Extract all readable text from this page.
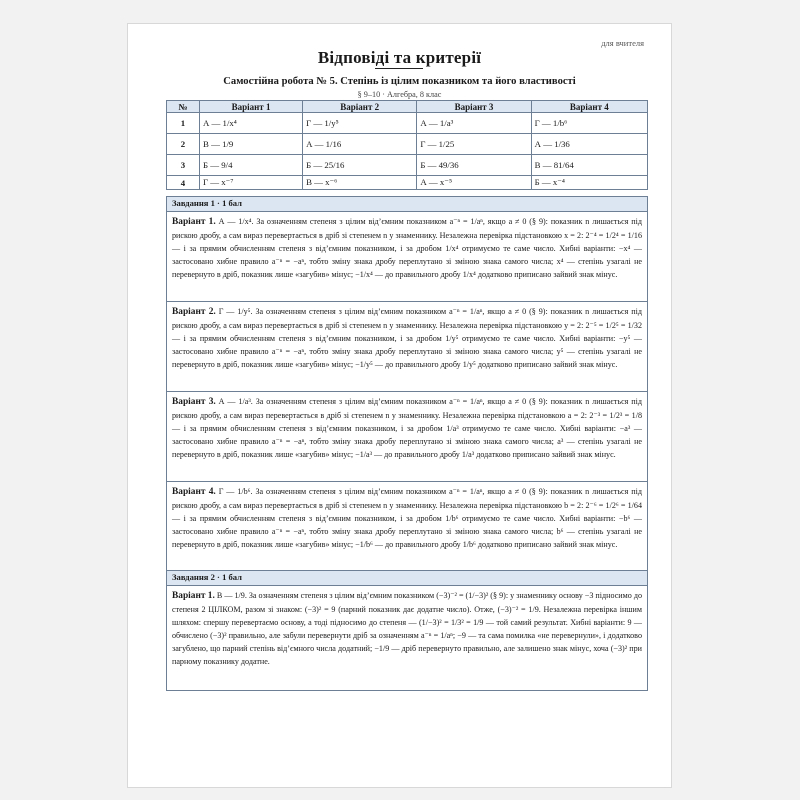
для вчителя
Відповіді та критерії
Самостійна робота № 5. Степінь із цілим показником та його властивості
§ 9–10 · Алгебра, 8 клас
№	Варіант 1	Варіант 2	Варіант 3	Варіант 4
1	А — 1/x⁴	Г — 1/y⁵	А — 1/a³	Г — 1/b⁶
2	В — 1/9	А — 1/16	Г — 1/25	А — 1/36
3	Б — 9/4	Б — 25/16	Б — 49/36	В — 81/64
4	Г — x⁻⁷	В — x⁻⁶	А — x⁻⁵	Б — x⁻⁴
Завдання 1 · 1 бал
Варіант 1. А — 1/x⁴. За означенням степеня з цілим від’ємним показником a⁻ⁿ = 1/aⁿ, якщо a ≠ 0 (§ 9): показник n лишається під рискою дробу, а сам вираз перевертається в дріб зі степенем n у знаменнику. Незалежна перевірка підстановкою x = 2: 2⁻⁴ = 1/2⁴ = 1/16 — і за прямим обчисленням степеня з від’ємним показником, і за дробом 1/x⁴ отримуємо те саме число. Хибні варіанти: −x⁴ — застосовано хибне правило a⁻ⁿ = −aⁿ, тобто зміну знака дробу переплутано зі зміною знака самого числа; x⁴ — степінь узагалі не перевернуто в дріб, показник лише «загубив» мінус; −1/x⁴ — до правильного дробу 1/x⁴ додатково приписано зайвий знак мінус.
Варіант 2. Г — 1/y⁵. За означенням степеня з цілим від’ємним показником a⁻ⁿ = 1/aⁿ, якщо a ≠ 0 (§ 9): показник n лишається під рискою дробу, а сам вираз перевертається в дріб зі степенем n у знаменнику. Незалежна перевірка підстановкою y = 2: 2⁻⁵ = 1/2⁵ = 1/32 — і за прямим обчисленням степеня з від’ємним показником, і за дробом 1/y⁵ отримуємо те саме число. Хибні варіанти: −y⁵ — застосовано хибне правило a⁻ⁿ = −aⁿ, тобто зміну знака дробу переплутано зі зміною знака самого числа; y⁵ — степінь узагалі не перевернуто в дріб, показник лише «загубив» мінус; −1/y⁵ — до правильного дробу 1/y⁵ додатково приписано зайвий знак мінус.
Варіант 3. А — 1/a³. За означенням степеня з цілим від’ємним показником a⁻ⁿ = 1/aⁿ, якщо a ≠ 0 (§ 9): показник n лишається під рискою дробу, а сам вираз перевертається в дріб зі степенем n у знаменнику. Незалежна перевірка підстановкою a = 2: 2⁻³ = 1/2³ = 1/8 — і за прямим обчисленням степеня з від’ємним показником, і за дробом 1/a³ отримуємо те саме число. Хибні варіанти: −a³ — застосовано хибне правило a⁻ⁿ = −aⁿ, тобто зміну знака дробу переплутано зі зміною знака самого числа; a³ — степінь узагалі не перевернуто в дріб, показник лише «загубив» мінус; −1/a³ — до правильного дробу 1/a³ додатково приписано зайвий знак мінус.
Варіант 4. Г — 1/b⁶. За означенням степеня з цілим від’ємним показником a⁻ⁿ = 1/aⁿ, якщо a ≠ 0 (§ 9): показник n лишається під рискою дробу, а сам вираз перевертається в дріб зі степенем n у знаменнику. Незалежна перевірка підстановкою b = 2: 2⁻⁶ = 1/2⁶ = 1/64 — і за прямим обчисленням степеня з від’ємним показником, і за дробом 1/b⁶ отримуємо те саме число. Хибні варіанти: −b⁶ — застосовано хибне правило a⁻ⁿ = −aⁿ, тобто зміну знака дробу переплутано зі зміною знака самого числа; b⁶ — степінь узагалі не перевернуто в дріб, показник лише «загубив» мінус; −1/b⁶ — до правильного дробу 1/b⁶ додатково приписано зайвий знак мінус.
Завдання 2 · 1 бал
Варіант 1. В — 1/9. За означенням степеня з цілим від’ємним показником (−3)⁻² = (1/−3)² (§ 9): у знаменнику основу −3 підносимо до степеня 2 ЦІЛКОМ, разом зі знаком: (−3)² = 9 (парний показник дає додатне число). Отже, (−3)⁻² = 1/9. Незалежна перевірка іншим шляхом: спершу перевертаємо основу, а тоді підносимо до степеня — (1/−3)² = 1/3² = 1/9 — той самий результат. Хибні варіанти: 9 — обчислено (−3)² правильно, але забули перевернути дріб за означенням a⁻ⁿ = 1/aⁿ; −9 — та сама помилка «не перевернули», і додатково загублено, що парний степінь від’ємного числа додатний; −1/9 — дріб перевернуто правильно, але залишено знак мінус, хоча (−3)² при парному показнику додатне.
